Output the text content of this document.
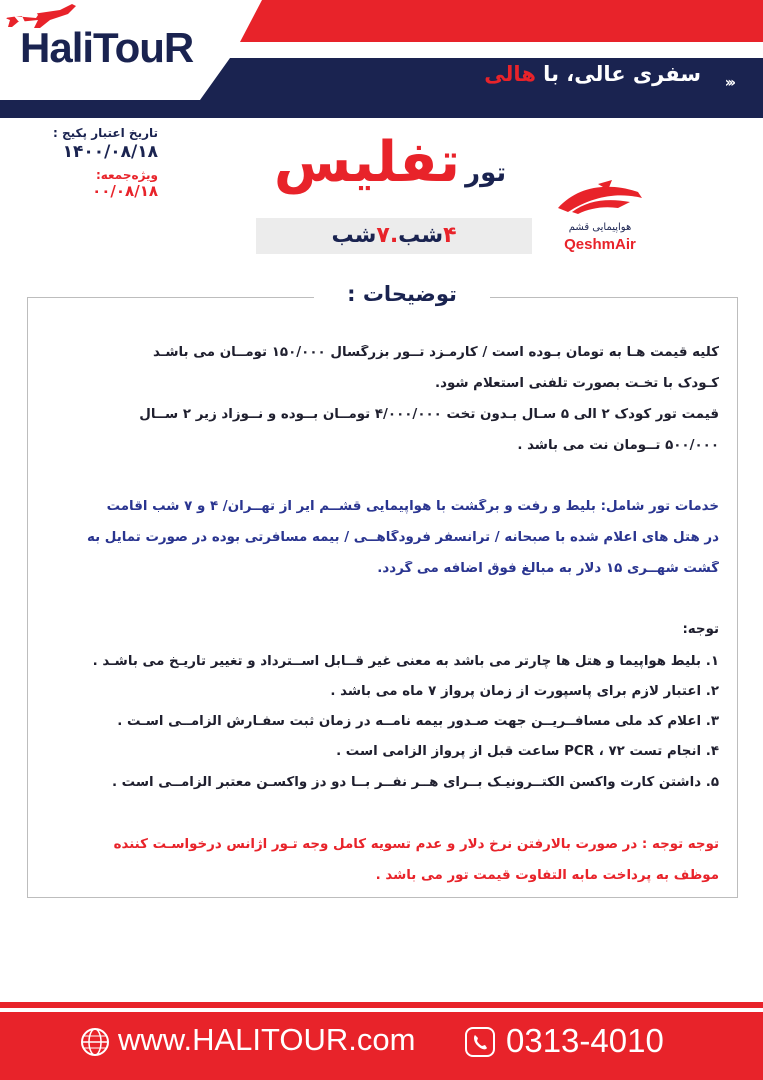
HaliTouR
سفری عالی، با هالی	›››
تاریخ اعتبار پکیج :
۱۴۰۰/۰۸/۱۸
ویژه‌جمعه:
۰۰/۰۸/۱۸
تور تفلیس
۴شب.۷شب	هواپیمایی قشم
QeshmAir
توضیحات :
کلیه قیمت هـا به تومان بـوده است / کارمـزد تــور بزرگسال ۱۵۰/۰۰۰ تومــان می باشـد
کـودک با تخـت بصورت تلفنی استعلام شود.
قیمت تور کودک ۲ الی ۵ سـال بـدون تخت ۴/۰۰۰/۰۰۰ تومــان بــوده و نــوزاد زیر ۲ ســال
۵۰۰/۰۰۰ تــومان نت می باشد .
خدمات تور شامل: بلیط و رفت و برگشت با هواپیمایی قشــم ایر از تهــران/ ۴ و ۷ شب اقامت
در هتل های اعلام شده با صبحانه / ترانسفر فرودگاهــی / بیمه مسافرتی بوده در صورت تمایل به
گشت شهــری ۱۵ دلار به مبالغ فوق اضافه می گردد.
توجه:
۱. بلیط هواپیما و هتل ها چارتر می باشد به معنی غیر قــابل اســترداد و تغییر تاریـخ می باشـد .
۲. اعتبار لازم برای پاسپورت از زمان پرواز ۷ ماه می باشد .
۳. اعلام کد ملی مسافــریــن جهت صـدور بیمه نامــه در زمان ثبت سفـارش الزامــی اسـت .
۴. انجام تست PCR ، ۷۲ ساعت قبل از پرواز الزامی است .
۵. داشتن کارت واکسن الکتــرونیـک بــرای هــر نفــر بــا دو دز واکسـن معتبر الزامــی است .
توجه توجه : در صورت بالارفتن نرخ دلار و عدم تسویه کامل وجه تـور آژانس درخواسـت کننده
موظف به پرداخت مابه التفاوت قیمت تور می باشد .
www.HALITOUR.com	0313-4010
